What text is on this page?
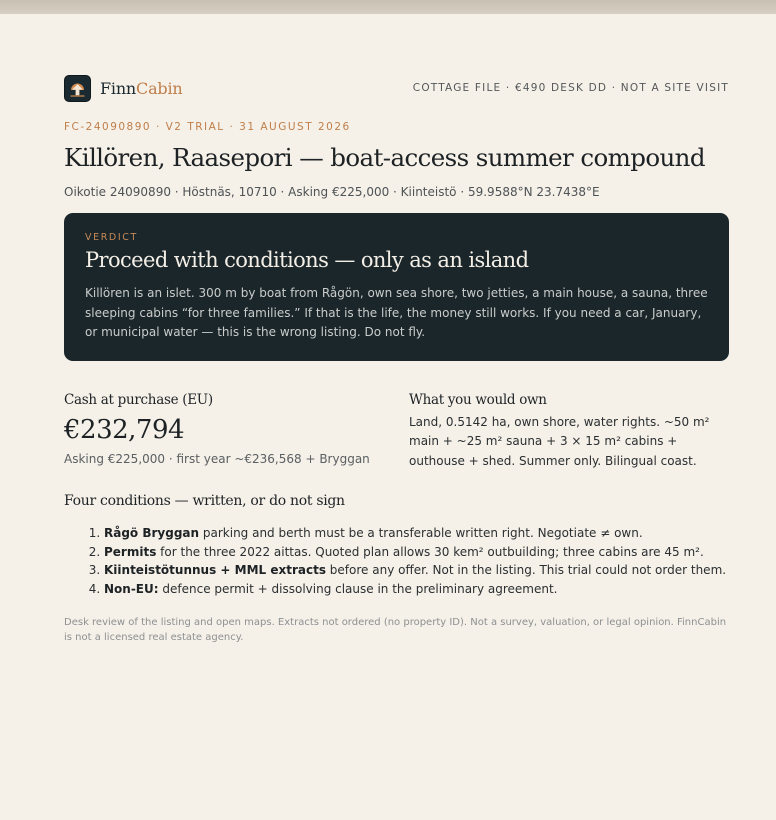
FinnCabin	COTTAGE FILE · €490 DESK DD · NOT A SITE VISIT
FC-24090890 · V2 TRIAL · 31 AUGUST 2026
Killören, Raasepori — boat-access summer compound
Oikotie 24090890 · Höstnäs, 10710 · Asking €225,000 · Kiinteistö · 59.9588°N 23.7438°E
VERDICT
Proceed with conditions — only as an island
Killören is an islet. 300 m by boat from Rågön, own sea shore, two jetties, a main house, a sauna, three sleeping cabins “for three families.” If that is the life, the money still works. If you need a car, January, or municipal water — this is the wrong listing. Do not fly.
Cash at purchase (EU)
€232,794
Asking €225,000 · first year ~€236,568 + Bryggan
What you would own
Land, 0.5142 ha, own shore, water rights. ~50 m² main + ~25 m² sauna + 3 × 15 m² cabins + outhouse + shed. Summer only. Bilingual coast.
Four conditions — written, or do not sign
1. Rågö Bryggan parking and berth must be a transferable written right. Negotiate ≠ own.
2. Permits for the three 2022 aittas. Quoted plan allows 30 kem² outbuilding; three cabins are 45 m².
3. Kiinteistötunnus + MML extracts before any offer. Not in the listing. This trial could not order them.
4. Non-EU: defence permit + dissolving clause in the preliminary agreement.
Desk review of the listing and open maps. Extracts not ordered (no property ID). Not a survey, valuation, or legal opinion. FinnCabin is not a licensed real estate agency.
